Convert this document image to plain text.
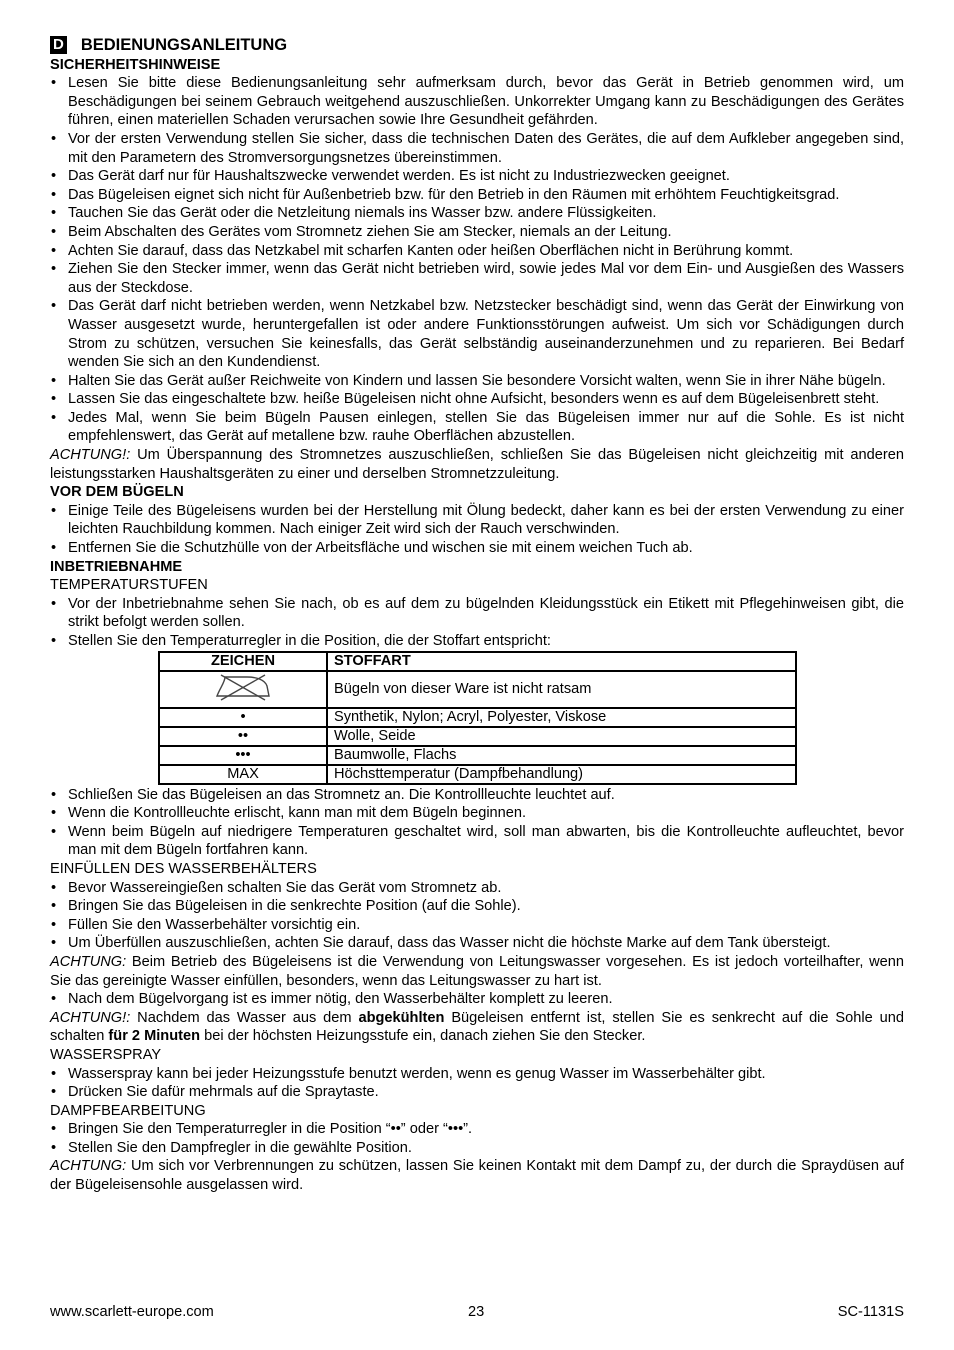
D BEDIENUNGSANLEITUNG
SICHERHEITSHINWEISE
• Lesen Sie bitte diese Bedienungsanleitung sehr aufmerksam durch, bevor das Gerät in Betrieb genommen wird, um Beschädigungen bei seinem Gebrauch weitgehend auszuschließen. Unkorrekter Umgang kann zu Beschädigungen des Gerätes führen, einen materiellen Schaden verursachen sowie Ihre Gesundheit gefährden.
• Vor der ersten Verwendung stellen Sie sicher, dass die technischen Daten des Gerätes, die auf dem Aufkleber angegeben sind, mit den Parametern des Stromversorgungsnetzes übereinstimmen.
• Das Gerät darf nur für Haushaltszwecke verwendet werden. Es ist nicht zu Industriezwecken geeignet.
• Das Bügeleisen eignet sich nicht für Außenbetrieb bzw. für den Betrieb in den Räumen mit erhöhtem Feuchtigkeitsgrad.
• Tauchen Sie das Gerät oder die Netzleitung niemals ins Wasser bzw. andere Flüssigkeiten.
• Beim Abschalten des Gerätes vom Stromnetz ziehen Sie am Stecker, niemals an der Leitung.
• Achten Sie darauf, dass das Netzkabel mit scharfen Kanten oder heißen Oberflächen nicht in Berührung kommt.
• Ziehen Sie den Stecker immer, wenn das Gerät nicht betrieben wird, sowie jedes Mal vor dem Ein- und Ausgießen des Wassers aus der Steckdose.
• Das Gerät darf nicht betrieben werden, wenn Netzkabel bzw. Netzstecker beschädigt sind, wenn das Gerät der Einwirkung von Wasser ausgesetzt wurde, heruntergefallen ist oder andere Funktionsstörungen aufweist. Um sich vor Schädigungen durch Strom zu schützen, versuchen Sie keinesfalls, das Gerät selbständig auseinanderzunehmen und zu reparieren. Bei Bedarf wenden Sie sich an den Kundendienst.
• Halten Sie das Gerät außer Reichweite von Kindern und lassen Sie besondere Vorsicht walten, wenn Sie in ihrer Nähe bügeln.
• Lassen Sie das eingeschaltete bzw. heiße Bügeleisen nicht ohne Aufsicht, besonders wenn es auf dem Bügeleisenbrett steht.
• Jedes Mal, wenn Sie beim Bügeln Pausen einlegen, stellen Sie das Bügeleisen immer nur auf die Sohle. Es ist nicht empfehlenswert, das Gerät auf metallene bzw. rauhe Oberflächen abzustellen.

ACHTUNG!: Um Überspannung des Stromnetzes auszuschließen, schließen Sie das Bügeleisen nicht gleichzeitig mit anderen leistungsstarken Haushaltsgeräten zu einer und derselben Stromnetzzuleitung.

VOR DEM BÜGELN
• Einige Teile des Bügeleisens wurden bei der Herstellung mit Ölung bedeckt, daher kann es bei der ersten Verwendung zu einer leichten Rauchbildung kommen. Nach einiger Zeit wird sich der Rauch verschwinden.
• Entfernen Sie die Schutzhülle von der Arbeitsfläche und wischen sie mit einem weichen Tuch ab.
INBETRIEBNAHME
TEMPERATURSTUFEN
• Vor der Inbetriebnahme sehen Sie nach, ob es auf dem zu bügelnden Kleidungsstück ein Etikett mit Pflegehinweisen gibt, die strikt befolgt werden sollen.
• Stellen Sie den Temperaturregler in die Position, die der Stoffart entspricht:
ZEICHEN	STOFFART
	Bügeln von dieser Ware ist nicht ratsam
•	Synthetik, Nylon; Acryl, Polyester, Viskose
••	Wolle, Seide
•••	Baumwolle, Flachs
MAX	Höchsttemperatur (Dampfbehandlung)
• Schließen Sie das Bügeleisen an das Stromnetz an. Die Kontrollleuchte leuchtet auf.
• Wenn die Kontrollleuchte erlischt, kann man mit dem Bügeln beginnen.
• Wenn beim Bügeln auf niedrigere Temperaturen geschaltet wird, soll man abwarten, bis die Kontrolleuchte aufleuchtet, bevor man mit dem Bügeln fortfahren kann.
EINFÜLLEN DES WASSERBEHÄLTERS
• Bevor Wassereingießen schalten Sie das Gerät vom Stromnetz ab.
• Bringen Sie das Bügeleisen in die senkrechte Position (auf die Sohle).
• Füllen Sie den Wasserbehälter vorsichtig ein.
• Um Überfüllen auszuschließen, achten Sie darauf, dass das Wasser nicht die höchste Marke auf dem Tank übersteigt.

ACHTUNG: Beim Betrieb des Bügeleisens ist die Verwendung von Leitungswasser vorgesehen. Es ist jedoch vorteilhafter, wenn Sie das gereinigte Wasser einfüllen, besonders, wenn das Leitungswasser zu hart ist.

• Nach dem Bügelvorgang ist es immer nötig, den Wasserbehälter komplett zu leeren.

ACHTUNG!: Nachdem das Wasser aus dem abgekühlten Bügeleisen entfernt ist, stellen Sie es senkrecht auf die Sohle und schalten für 2 Minuten bei der höchsten Heizungsstufe ein, danach ziehen Sie den Stecker.

WASSERSPRAY
• Wasserspray kann bei jeder Heizungsstufe benutzt werden, wenn es genug Wasser im Wasserbehälter gibt.
• Drücken Sie dafür mehrmals auf die Spraytaste.
DAMPFBEARBEITUNG
• Bringen Sie den Temperaturregler in die Position “••” oder “•••”.
• Stellen Sie den Dampfregler in die gewählte Position.

ACHTUNG: Um sich vor Verbrennungen zu schützen, lassen Sie keinen Kontakt mit dem Dampf zu, der durch die Spraydüsen auf der Bügeleisensohle ausgelassen wird.

www.scarlett-europe.com	23	SC-1131S
